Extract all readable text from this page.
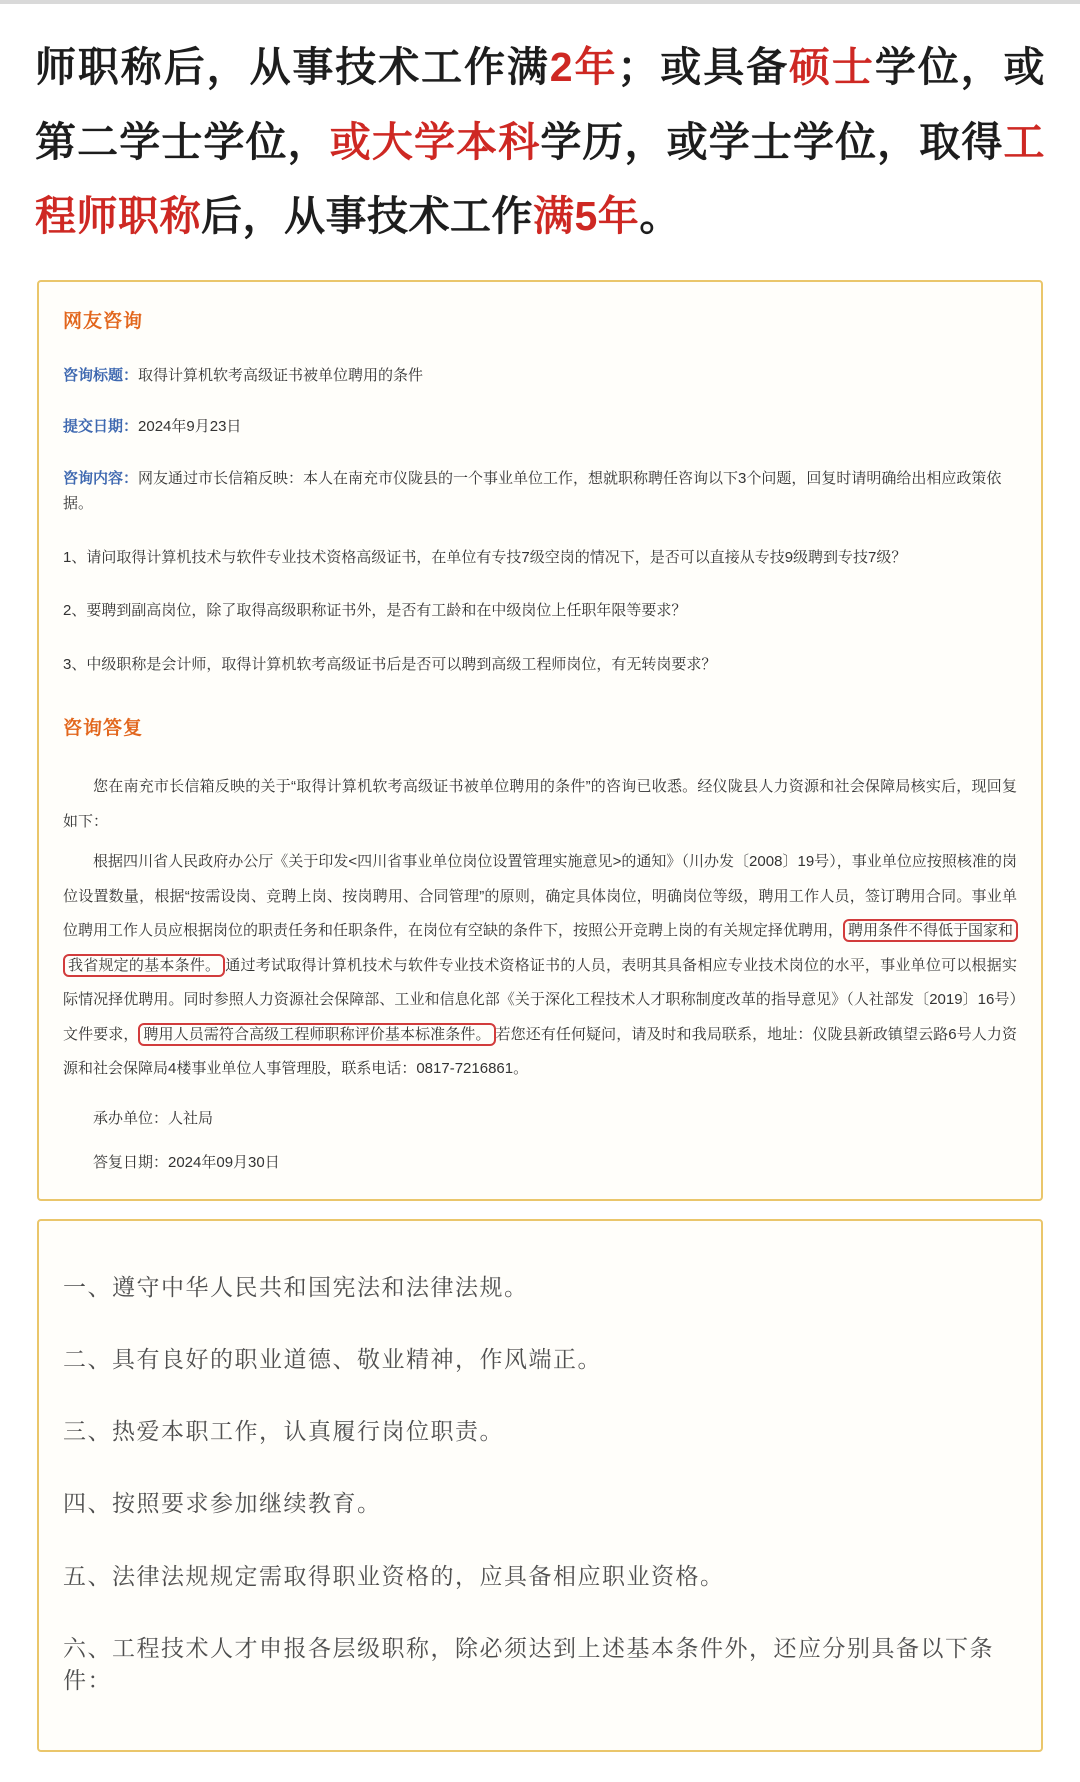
师职称后，从事技术工作满2年；或具备硕士学位，或第二学士学位，或大学本科学历，或学士学位，取得工程师职称后，从事技术工作满5年。

网友咨询

咨询标题：取得计算机软考高级证书被单位聘用的条件

提交日期：2024年9月23日

咨询内容：网友通过市长信箱反映：本人在南充市仪陇县的一个事业单位工作，想就职称聘任咨询以下3个问题，回复时请明确给出相应政策依据。

1、请问取得计算机技术与软件专业技术资格高级证书，在单位有专技7级空岗的情况下，是否可以直接从专技9级聘到专技7级？

2、要聘到副高岗位，除了取得高级职称证书外，是否有工龄和在中级岗位上任职年限等要求？

3、中级职称是会计师，取得计算机软考高级证书后是否可以聘到高级工程师岗位，有无转岗要求？

咨询答复

您在南充市长信箱反映的关于“取得计算机软考高级证书被单位聘用的条件”的咨询已收悉。经仪陇县人力资源和社会保障局核实后，现回复如下：

根据四川省人民政府办公厅《关于印发<四川省事业单位岗位设置管理实施意见>的通知》（川办发〔2008〕19号），事业单位应按照核准的岗位设置数量，根据“按需设岗、竞聘上岗、按岗聘用、合同管理”的原则，确定具体岗位，明确岗位等级，聘用工作人员，签订聘用合同。事业单位聘用工作人员应根据岗位的职责任务和任职条件，在岗位有空缺的条件下，按照公开竞聘上岗的有关规定择优聘用， 聘用条件不得低于国家和我省规定的基本条件。 通过考试取得计算机技术与软件专业技术资格证书的人员，表明其具备相应专业技术岗位的水平，事业单位可以根据实际情况择优聘用。同时参照人力资源社会保障部、工业和信息化部《关于深化工程技术人才职称制度改革的指导意见》（人社部发〔2019〕16号）文件要求， 聘用人员需符合高级工程师职称评价基本标准条件。 若您还有任何疑问，请及时和我局联系，地址：仪陇县新政镇望云路6号人力资源和社会保障局4楼事业单位人事管理股，联系电话：0817-7216861。

承办单位：人社局

答复日期：2024年09月30日

一、遵守中华人民共和国宪法和法律法规。

二、具有良好的职业道德、敬业精神，作风端正。

三、热爱本职工作，认真履行岗位职责。

四、按照要求参加继续教育。

五、法律法规规定需取得职业资格的，应具备相应职业资格。

六、工程技术人才申报各层级职称，除必须达到上述基本条件外，还应分别具备以下条件：
